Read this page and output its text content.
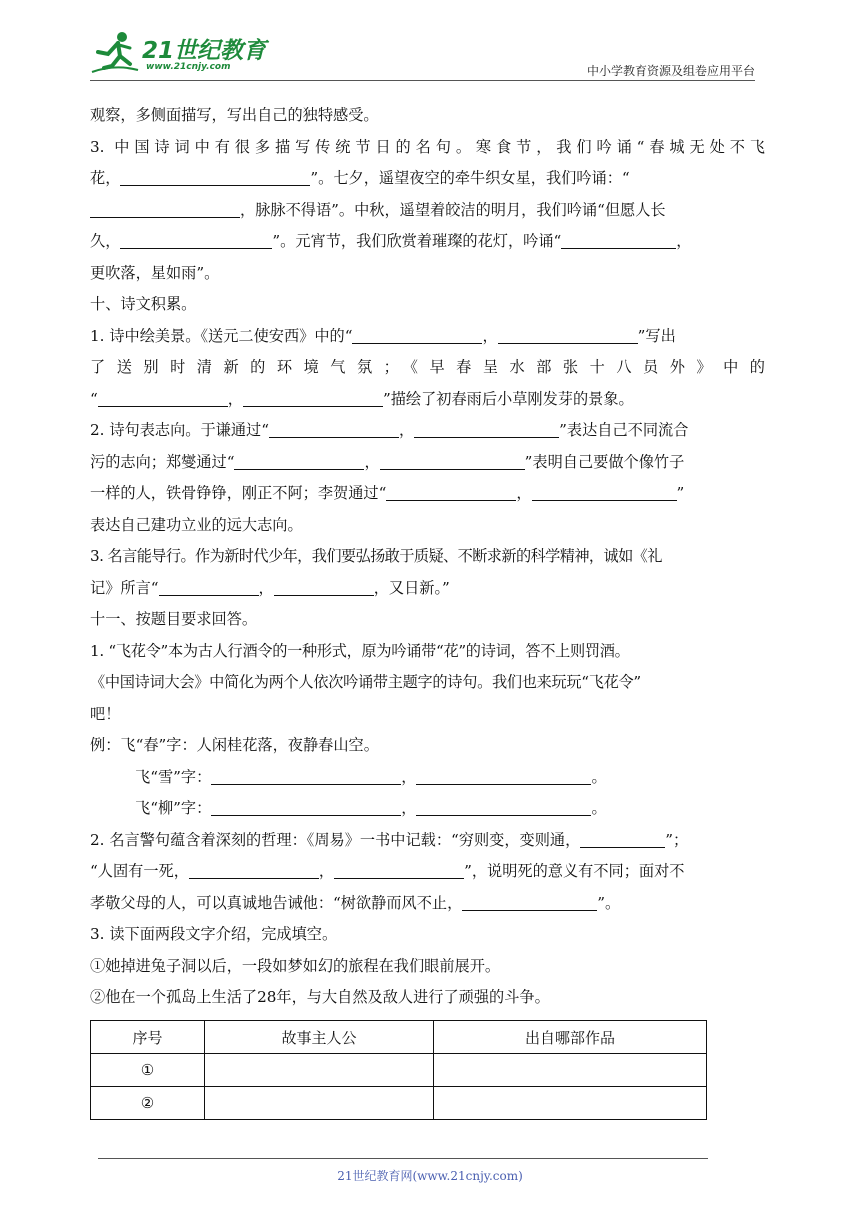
21世纪教育
www.21cnjy.com	中小学教育资源及组卷应用平台
观察，多侧面描写，写出自己的独特感受。
3. 中国诗词中有很多描写传统节日的名句。寒食节，我们吟诵“春城无处不飞
花，	”。七夕，遥望夜空的牵牛织女星，我们吟诵：“
，脉脉不得语”。中秋，遥望着皎洁的明月，我们吟诵“但愿人长
久，	”。元宵节，我们欣赏着璀璨的花灯，吟诵“	，
更吹落，星如雨”。
十、诗文积累。
1. 诗中绘美景。《送元二使安西》中的“	，	”写出
了送别时清新的环境气氛；《早春呈水部张十八员外》中的
“	，	”描绘了初春雨后小草刚发芽的景象。
2. 诗句表志向。于谦通过“	，	”表达自己不同流合
污的志向；郑燮通过“	，	”表明自己要做个像竹子
一样的人，铁骨铮铮，刚正不阿；李贺通过“	，	”
表达自己建功立业的远大志向。
3. 名言能导行。作为新时代少年，我们要弘扬敢于质疑、不断求新的科学精神，诚如《礼
记》所言“	，	，又日新。”
十一、按题目要求回答。
1. “飞花令”本为古人行酒令的一种形式，原为吟诵带“花”的诗词，答不上则罚酒。
《中国诗词大会》中简化为两个人依次吟诵带主题字的诗句。我们也来玩玩“飞花令”
吧！
例：飞“春”字：人闲桂花落，夜静春山空。
飞“雪”字：	，	。
飞“柳”字：	，	。
2. 名言警句蕴含着深刻的哲理：《周易》一书中记载：“穷则变，变则通，	”；
“人固有一死，	，	”，说明死的意义有不同；面对不
孝敬父母的人，可以真诚地告诫他：“树欲静而风不止，	”。
3. 读下面两段文字介绍，完成填空。
①她掉进兔子洞以后，一段如梦如幻的旅程在我们眼前展开。
②他在一个孤岛上生活了28年，与大自然及敌人进行了顽强的斗争。
序号	故事主人公	出自哪部作品
①		
②		
21世纪教育网(www.21cnjy.com)
